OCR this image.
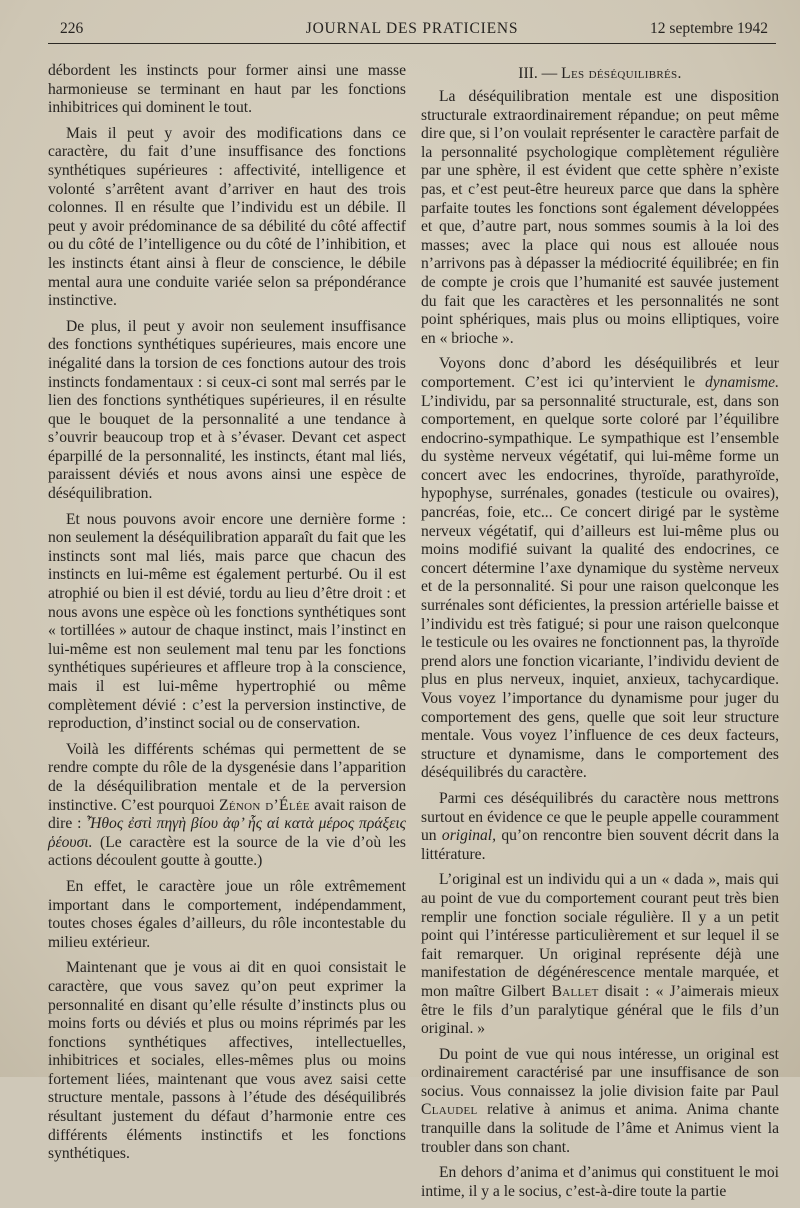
226	JOURNAL DES PRATICIENS	12 septembre 1942

débordent les instincts pour former ainsi une masse harmonieuse se terminant en haut par les fonctions inhibitrices qui dominent le tout.

Mais il peut y avoir des modifications dans ce caractère, du fait d’une insuffisance des fonctions synthétiques supérieures : affectivité, intelligence et volonté s’arrêtent avant d’arriver en haut des trois colonnes. Il en résulte que l’individu est un débile. Il peut y avoir prédominance de sa débilité du côté affectif ou du côté de l’intelligence ou du côté de l’inhibition, et les instincts étant ainsi à fleur de conscience, le débile mental aura une conduite variée selon sa prépondérance instinctive.

De plus, il peut y avoir non seulement insuffisance des fonctions synthétiques supérieures, mais encore une inégalité dans la torsion de ces fonctions autour des trois instincts fondamentaux : si ceux-ci sont mal serrés par le lien des fonctions synthétiques supérieures, il en résulte que le bouquet de la personnalité a une tendance à s’ouvrir beaucoup trop et à s’évaser. Devant cet aspect éparpillé de la personnalité, les instincts, étant mal liés, paraissent déviés et nous avons ainsi une espèce de déséquilibration.

Et nous pouvons avoir encore une dernière forme : non seulement la déséquilibration apparaît du fait que les instincts sont mal liés, mais parce que chacun des instincts en lui-même est également perturbé. Ou il est atrophié ou bien il est dévié, tordu au lieu d’être droit : et nous avons une espèce où les fonctions synthétiques sont « tortillées » autour de chaque instinct, mais l’instinct en lui-même est non seulement mal tenu par les fonctions synthétiques supérieures et affleure trop à la conscience, mais il est lui-même hypertrophié ou même complètement dévié : c’est la perversion instinctive, de reproduction, d’instinct social ou de conservation.

Voilà les différents schémas qui permettent de se rendre compte du rôle de la dysgenésie dans l’apparition de la déséquilibration mentale et de la perversion instinctive. C’est pourquoi Zénon d’Élée avait raison de dire : Ἦθος ἐστὶ πηγὴ βίου ἀφ’ ἧς αἱ κατὰ μέρος πράξεις ῥέουσι. (Le caractère est la source de la vie d’où les actions découlent goutte à goutte.)

En effet, le caractère joue un rôle extrêmement important dans le comportement, indépendamment, toutes choses égales d’ailleurs, du rôle incontestable du milieu extérieur.

Maintenant que je vous ai dit en quoi consistait le caractère, que vous savez qu’on peut exprimer la personnalité en disant qu’elle résulte d’instincts plus ou moins forts ou déviés et plus ou moins réprimés par les fonctions synthétiques affectives, intellectuelles, inhibitrices et sociales, elles-mêmes plus ou moins fortement liées, maintenant que vous avez saisi cette structure mentale, passons à l’étude des déséquilibrés résultant justement du défaut d’harmonie entre ces différents éléments instinctifs et les fonctions synthétiques.

III. — Les déséquilibrés.

La déséquilibration mentale est une disposition structurale extraordinairement répandue; on peut même dire que, si l’on voulait représenter le caractère parfait de la personnalité psychologique complètement régulière par une sphère, il est évident que cette sphère n’existe pas, et c’est peut-être heureux parce que dans la sphère parfaite toutes les fonctions sont également développées et que, d’autre part, nous sommes soumis à la loi des masses; avec la place qui nous est allouée nous n’arrivons pas à dépasser la médiocrité équilibrée; en fin de compte je crois que l’humanité est sauvée justement du fait que les caractères et les personnalités ne sont point sphériques, mais plus ou moins elliptiques, voire en « brioche ».

Voyons donc d’abord les déséquilibrés et leur comportement. C’est ici qu’intervient le dynamisme. L’individu, par sa personnalité structurale, est, dans son comportement, en quelque sorte coloré par l’équilibre endocrino-sympathique. Le sympathique est l’ensemble du système nerveux végétatif, qui lui-même forme un concert avec les endocrines, thyroïde, parathyroïde, hypophyse, surrénales, gonades (testicule ou ovaires), pancréas, foie, etc... Ce concert dirigé par le système nerveux végétatif, qui d’ailleurs est lui-même plus ou moins modifié suivant la qualité des endocrines, ce concert détermine l’axe dynamique du système nerveux et de la personnalité. Si pour une raison quelconque les surrénales sont déficientes, la pression artérielle baisse et l’individu est très fatigué; si pour une raison quelconque le testicule ou les ovaires ne fonctionnent pas, la thyroïde prend alors une fonction vicariante, l’individu devient de plus en plus nerveux, inquiet, anxieux, tachycardique. Vous voyez l’importance du dynamisme pour juger du comportement des gens, quelle que soit leur structure mentale. Vous voyez l’influence de ces deux facteurs, structure et dynamisme, dans le comportement des déséquilibrés du caractère.

Parmi ces déséquilibrés du caractère nous mettrons surtout en évidence ce que le peuple appelle couramment un original, qu’on rencontre bien souvent décrit dans la littérature.

L’original est un individu qui a un « dada », mais qui au point de vue du comportement courant peut très bien remplir une fonction sociale régulière. Il y a un petit point qui l’intéresse particulièrement et sur lequel il se fait remarquer. Un original représente déjà une manifestation de dégénérescence mentale marquée, et mon maître Gilbert Ballet disait : « J’aimerais mieux être le fils d’un paralytique général que le fils d’un original. »

Du point de vue qui nous intéresse, un original est ordinairement caractérisé par une insuffisance de son socius. Vous connaissez la jolie division faite par Paul Claudel relative à animus et anima. Anima chante tranquille dans la solitude de l’âme et Animus vient la troubler dans son chant.

En dehors d’anima et d’animus qui constituent le moi intime, il y a le socius, c’est-à-dire toute la partie
